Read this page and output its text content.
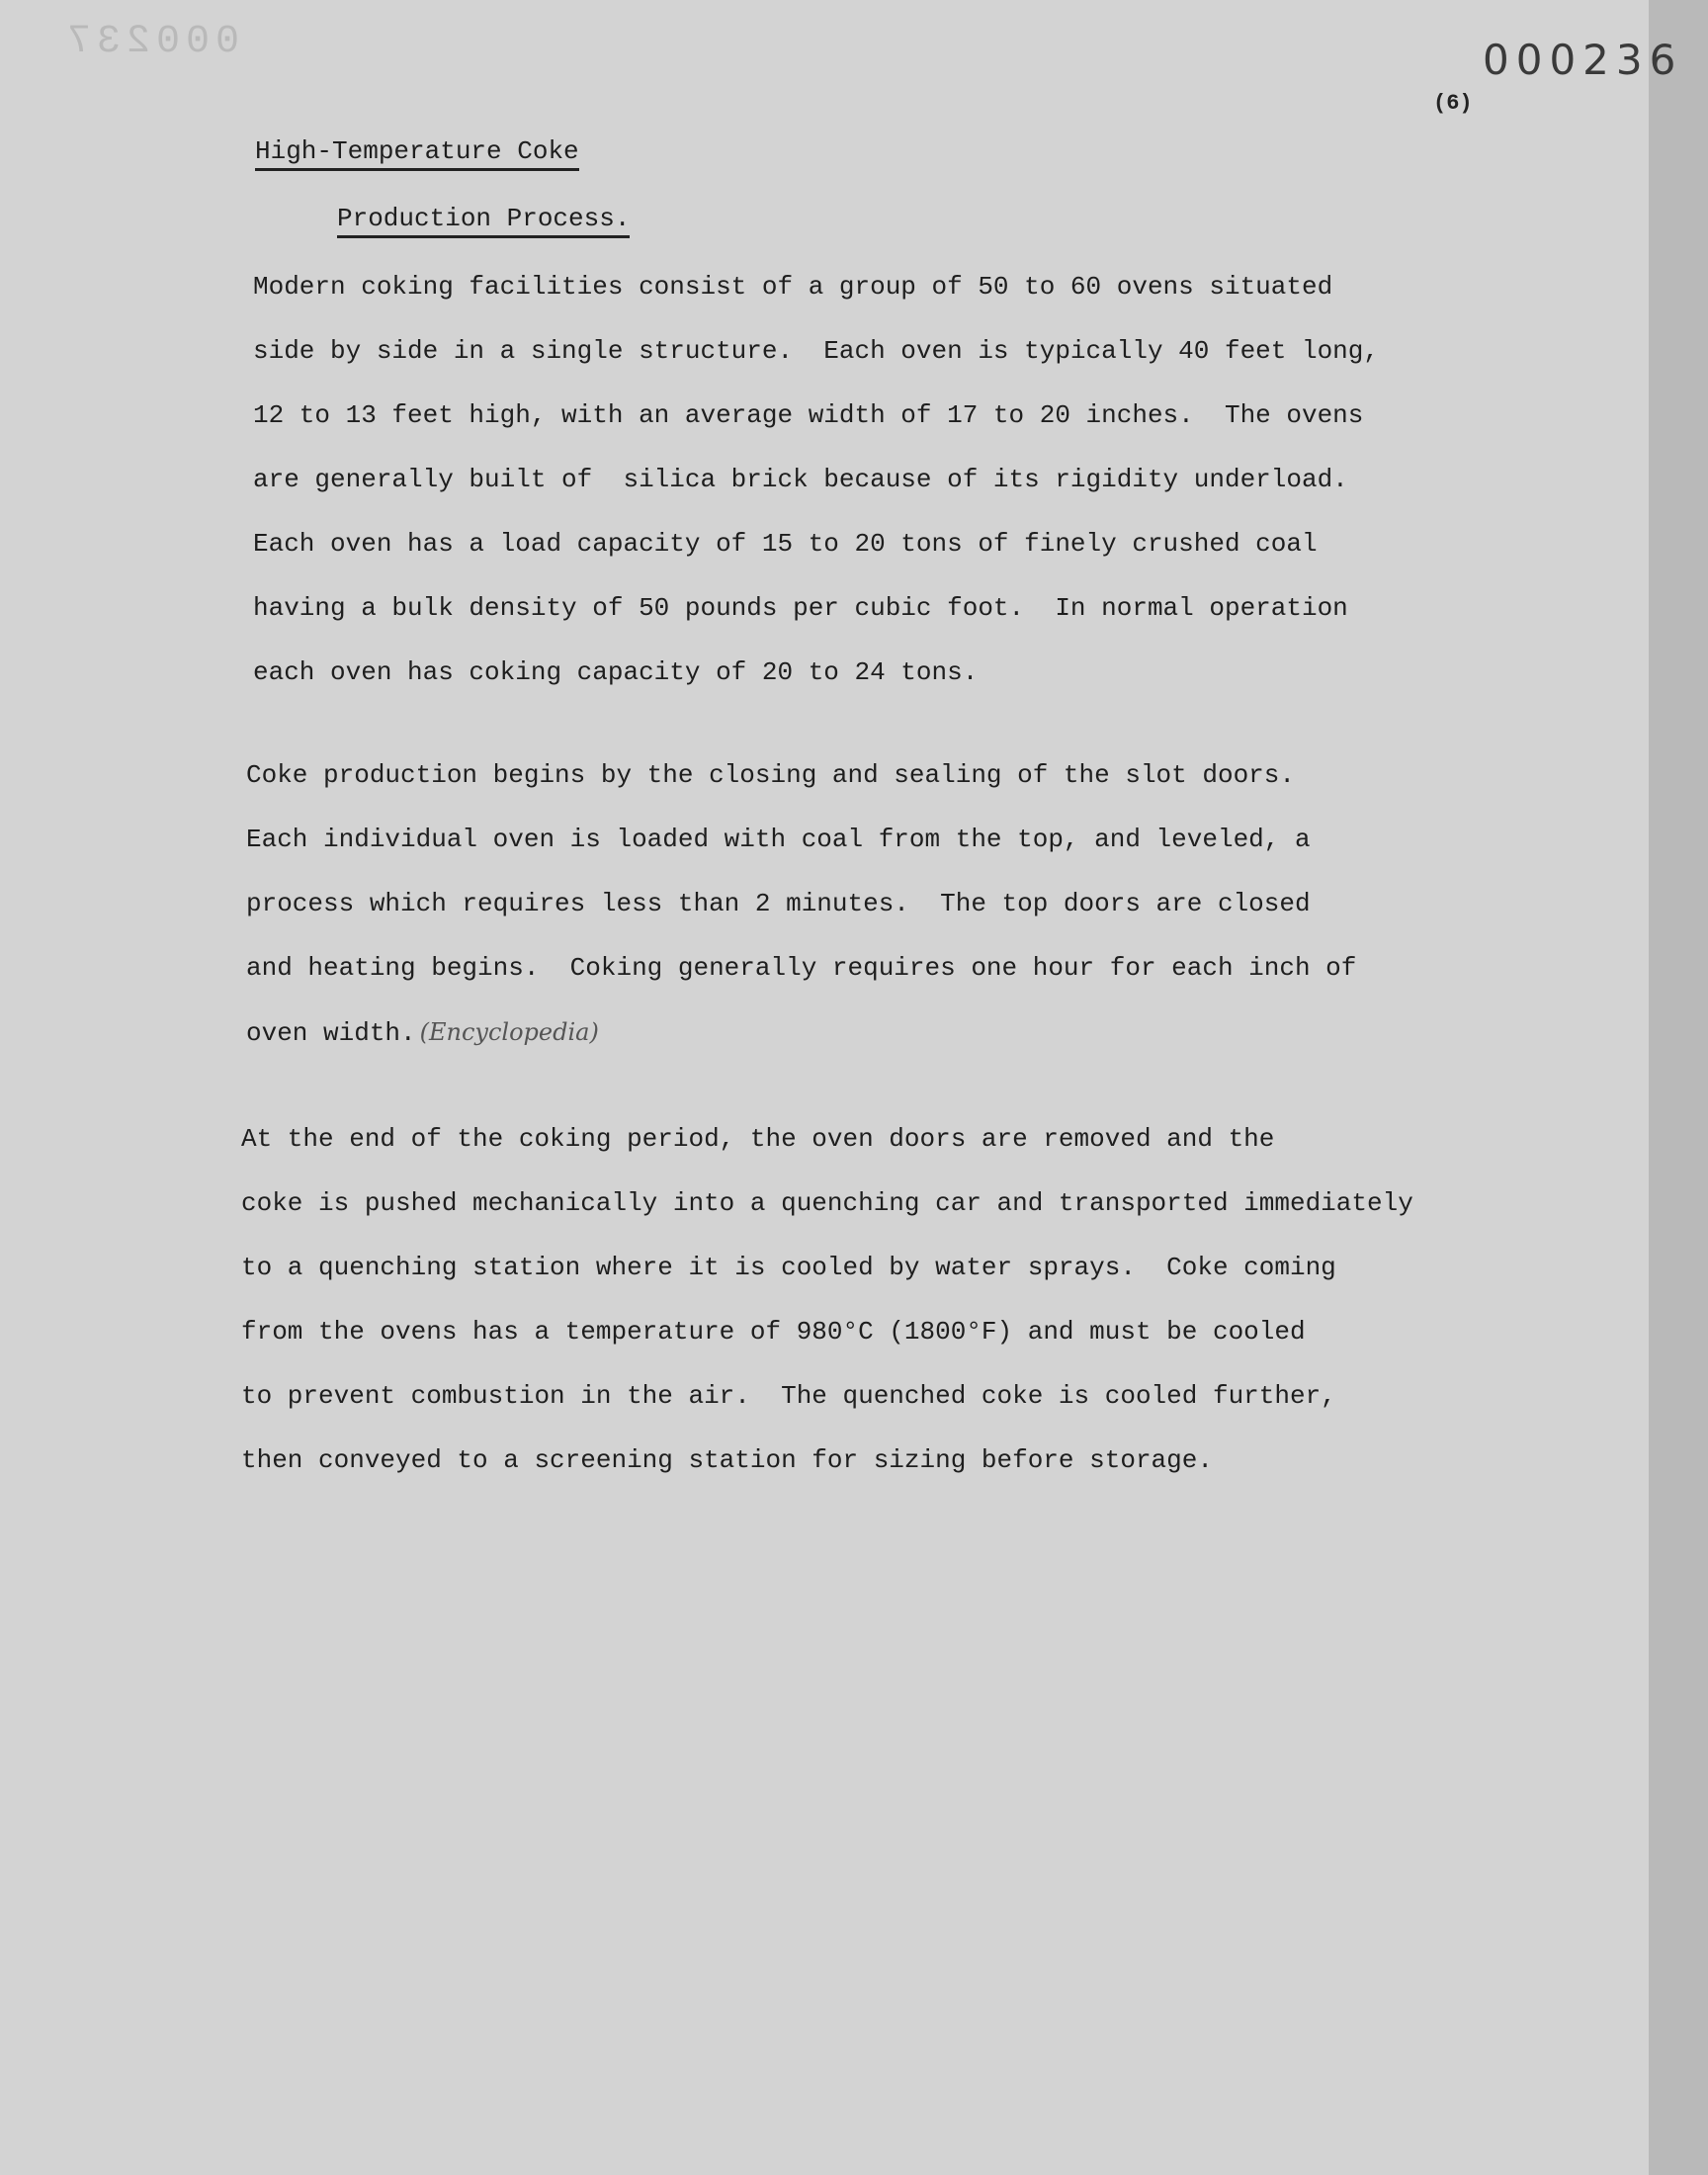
000237	000236
(6)
High-Temperature Coke
Production Process.
Modern coking facilities consist of a group of 50 to 60 ovens situated
side by side in a single structure.  Each oven is typically 40 feet long,
12 to 13 feet high, with an average width of 17 to 20 inches.  The ovens
are generally built of  silica brick because of its rigidity underload.
Each oven has a load capacity of 15 to 20 tons of finely crushed coal
having a bulk density of 50 pounds per cubic foot.  In normal operation
each oven has coking capacity of 20 to 24 tons.
Coke production begins by the closing and sealing of the slot doors.
Each individual oven is loaded with coal from the top, and leveled, a
process which requires less than 2 minutes.  The top doors are closed
and heating begins.  Coking generally requires one hour for each inch of
oven width. (Encyclopedia)
At the end of the coking period, the oven doors are removed and the
coke is pushed mechanically into a quenching car and transported immediately
to a quenching station where it is cooled by water sprays.  Coke coming
from the ovens has a temperature of 980°C (1800°F) and must be cooled
to prevent combustion in the air.  The quenched coke is cooled further,
then conveyed to a screening station for sizing before storage.
